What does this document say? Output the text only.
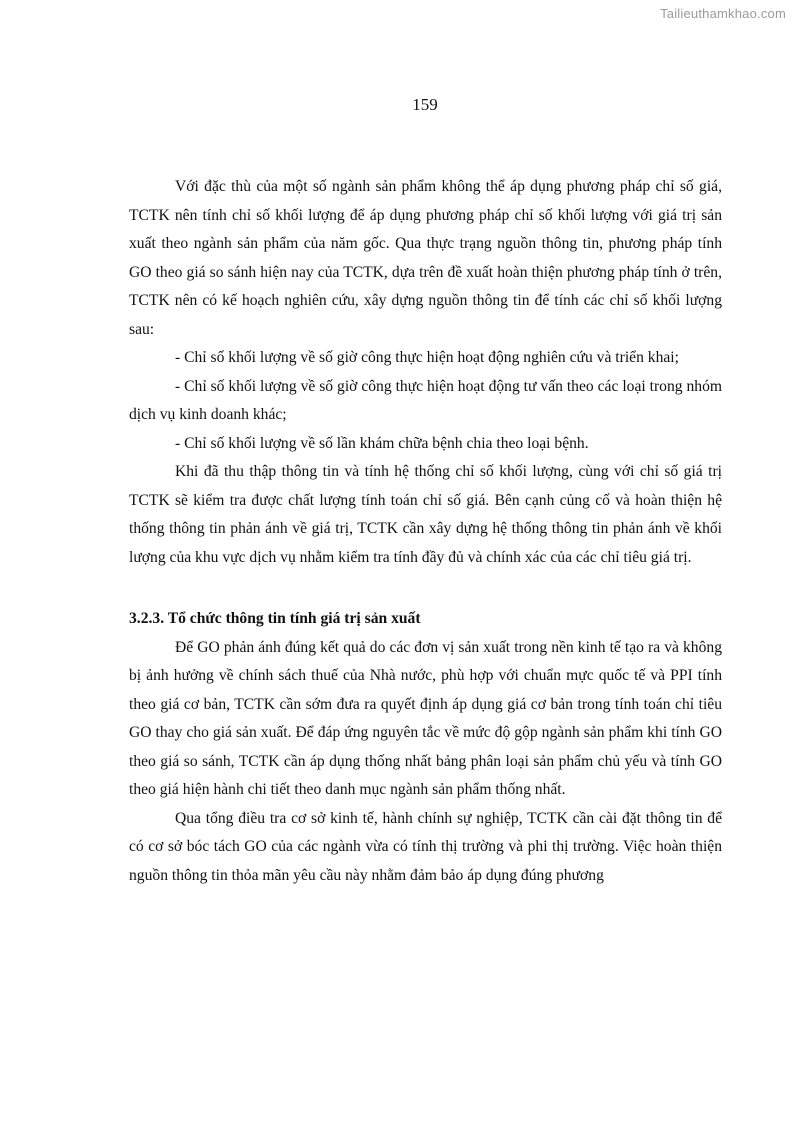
Tailieuthamkhao.com
159

Với đặc thù của một số ngành sản phẩm không thể áp dụng phương pháp chỉ số giá, TCTK nên tính chỉ số khối lượng để áp dụng phương pháp chỉ số khối lượng với giá trị sản xuất theo ngành sản phẩm của năm gốc. Qua thực trạng nguồn thông tin, phương pháp tính GO theo giá so sánh hiện nay của TCTK, dựa trên đề xuất hoàn thiện phương pháp tính ở trên, TCTK nên có kế hoạch nghiên cứu, xây dựng nguồn thông tin để tính các chỉ số khối lượng sau:

- Chỉ số khối lượng về số giờ công thực hiện hoạt động nghiên cứu và triển khai;

- Chỉ số khối lượng về số giờ công thực hiện hoạt động tư vấn theo các loại trong nhóm dịch vụ kinh doanh khác;

- Chỉ số khối lượng về số lần khám chữa bệnh chia theo loại bệnh.

Khi đã thu thập thông tin và tính hệ thống chỉ số khối lượng, cùng với chỉ số giá trị TCTK sẽ kiểm tra được chất lượng tính toán chỉ số giá. Bên cạnh củng cố và hoàn thiện hệ thống thông tin phản ánh về giá trị, TCTK cần xây dựng hệ thống thông tin phản ánh về khối lượng của khu vực dịch vụ nhằm kiểm tra tính đầy đủ và chính xác của các chỉ tiêu giá trị.

3.2.3. Tổ chức thông tin tính giá trị sản xuất

Để GO phản ánh đúng kết quả do các đơn vị sản xuất trong nền kinh tế tạo ra và không bị ảnh hưởng về chính sách thuế của Nhà nước, phù hợp với chuẩn mực quốc tế và PPI tính theo giá cơ bản, TCTK cần sớm đưa ra quyết định áp dụng giá cơ bản trong tính toán chỉ tiêu GO thay cho giá sản xuất. Để đáp ứng nguyên tắc về mức độ gộp ngành sản phẩm khi tính GO theo giá so sánh, TCTK cần áp dụng thống nhất bảng phân loại sản phẩm chủ yếu và tính GO theo giá hiện hành chi tiết theo danh mục ngành sản phẩm thống nhất.

Qua tổng điều tra cơ sở kinh tế, hành chính sự nghiệp, TCTK cần cài đặt thông tin để có cơ sở bóc tách GO của các ngành vừa có tính thị trường và phi thị trường. Việc hoàn thiện nguồn thông tin thỏa mãn yêu cầu này nhằm đảm bảo áp dụng đúng phương
